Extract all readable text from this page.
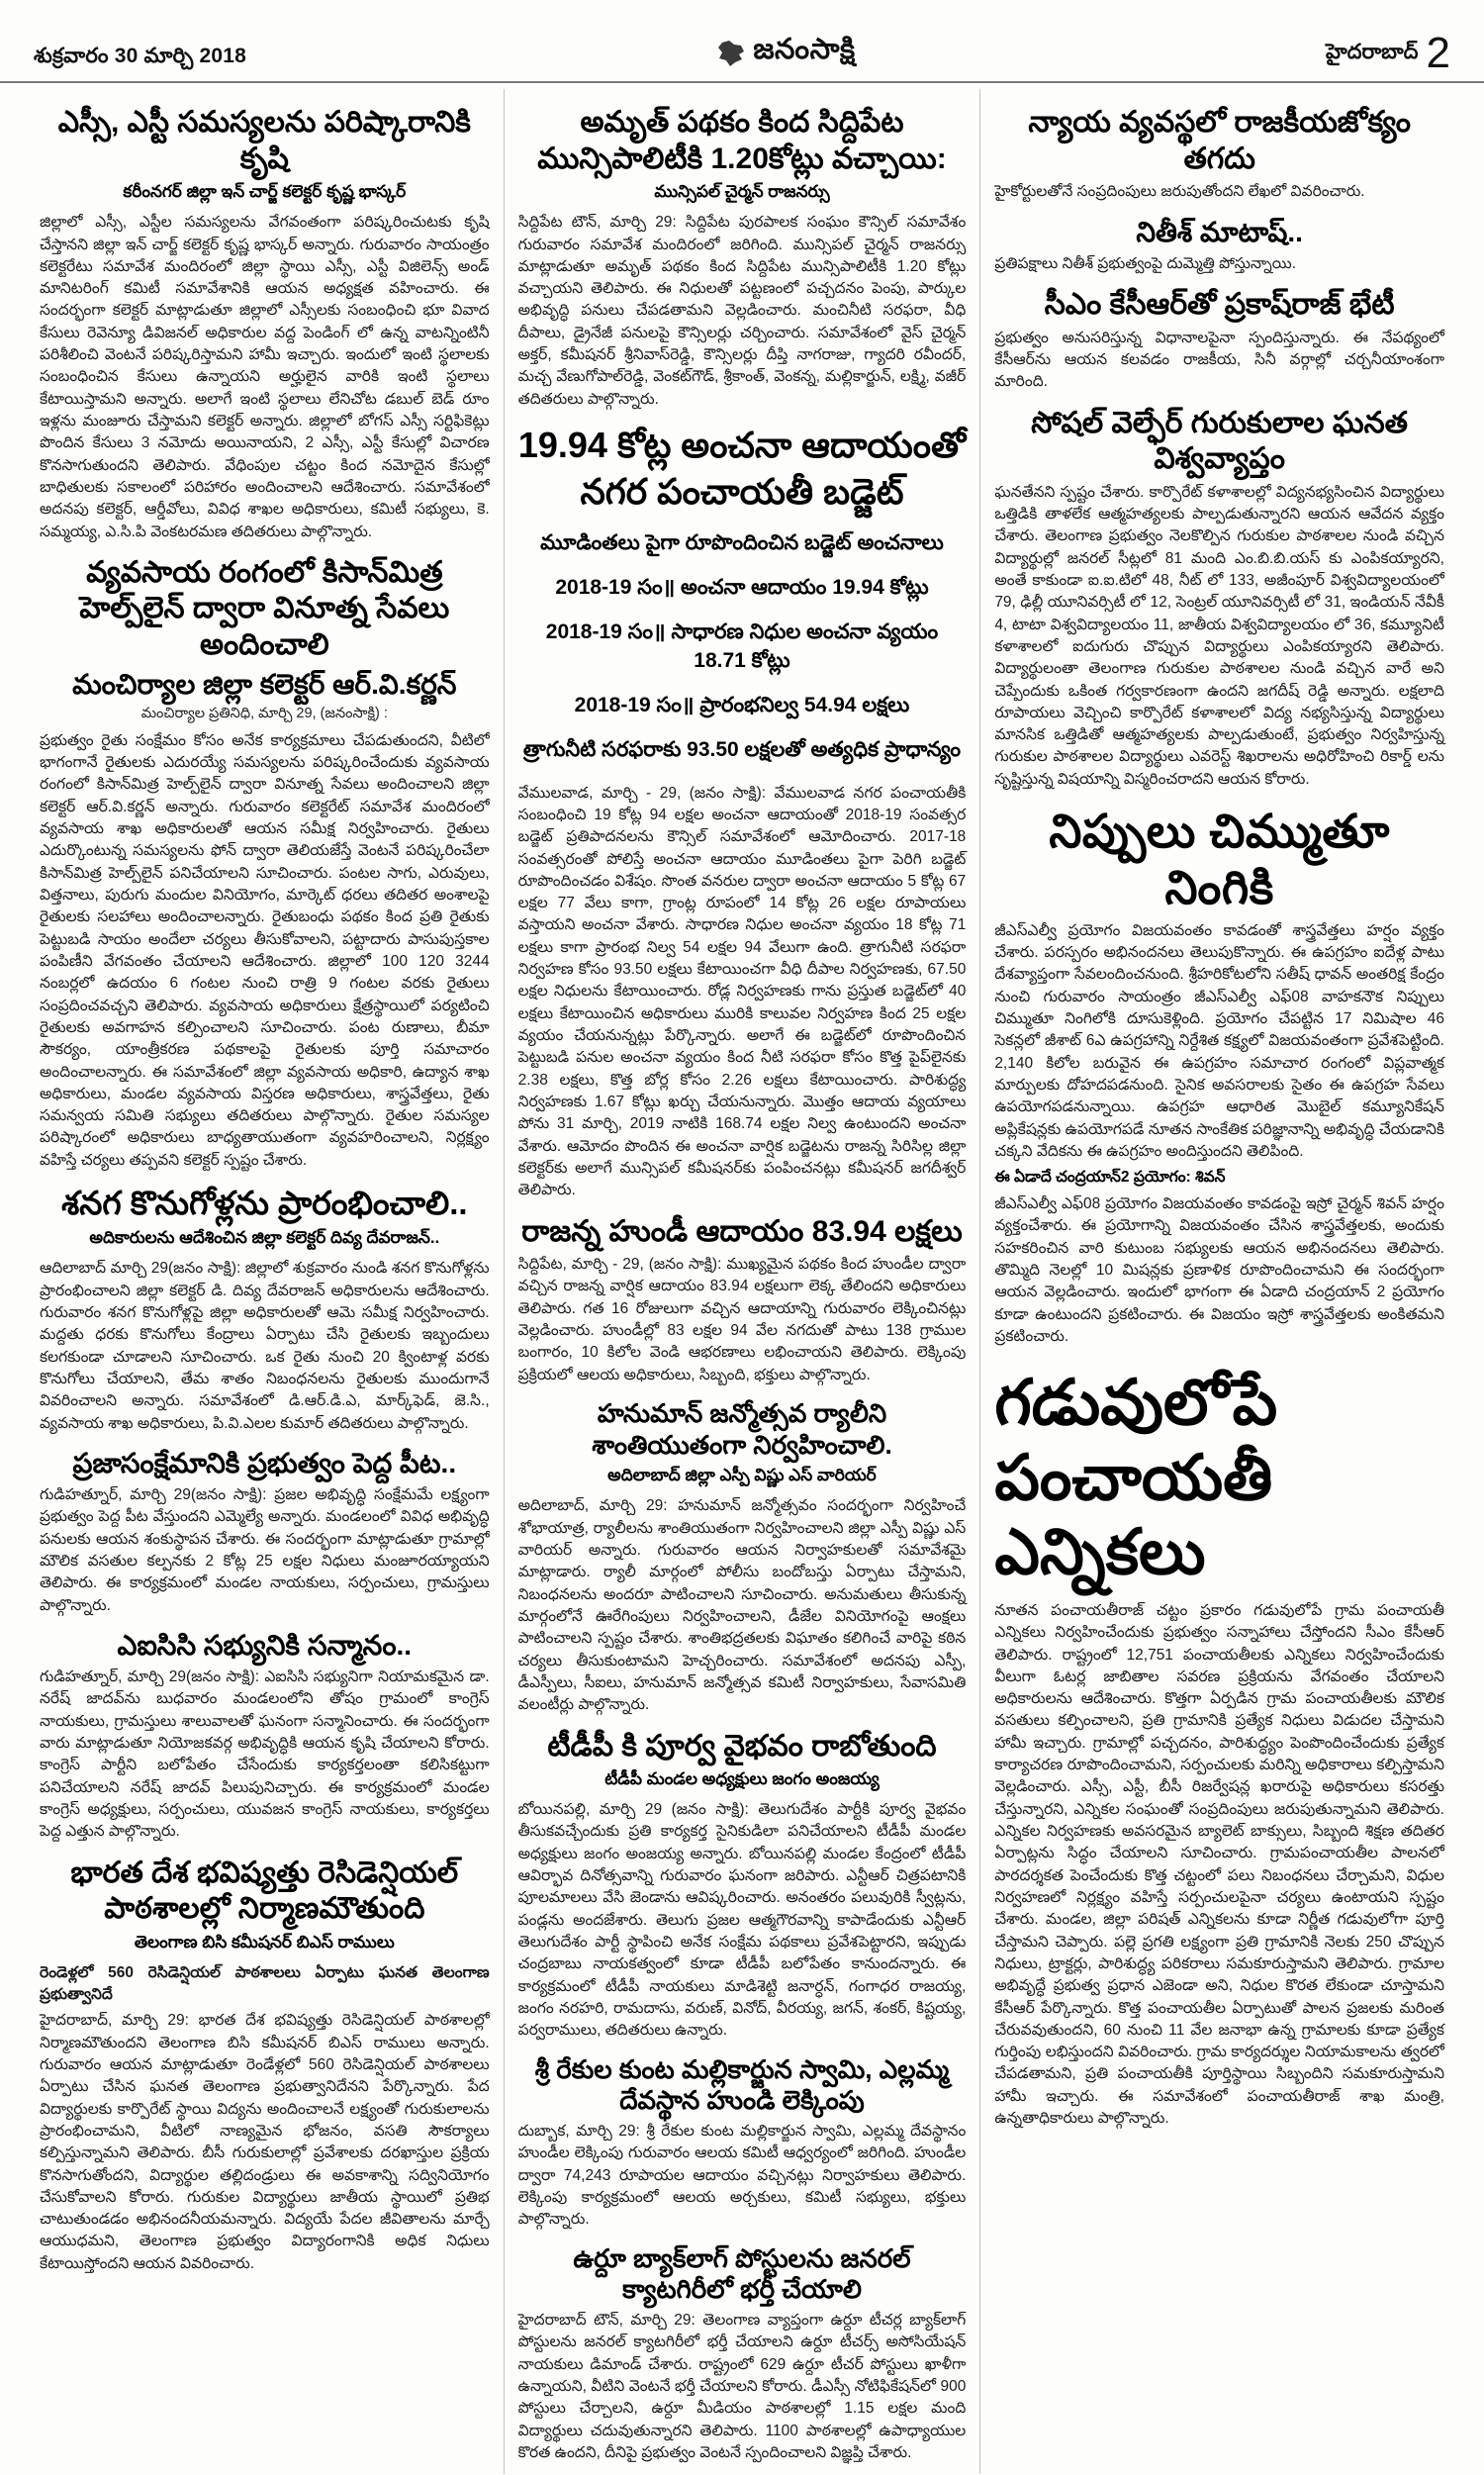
శుక్రవారం 30 మార్చి 2018	జనంసాక్షి	హైదరాబాద్ 2
ఎస్సీ, ఎస్టీ సమస్యలను పరిష్కారానికి కృషి
కరీంనగర్ జిల్లా ఇన్ చార్జ్ కలెక్టర్ కృష్ణ భాస్కర్

జిల్లాలో ఎస్సీ, ఎస్టీల సమస్యలను వేగవంతంగా పరిష్కరించుటకు కృషి చేస్తానని జిల్లా ఇన్ చార్జ్ కలెక్టర్ కృష్ణ భాస్కర్ అన్నారు. గురువారం సాయంత్రం కలెక్టరేటు సమావేశ మందిరంలో జిల్లా స్థాయి ఎస్సీ, ఎస్టీ విజిలెన్స్ అండ్ మానిటరింగ్ కమిటీ సమావేశానికి ఆయన అధ్యక్షత వహించారు. ఈ సందర్భంగా కలెక్టర్ మాట్లాడుతూ జిల్లాలో ఎస్సీలకు సంబంధించి భూ వివాద కేసులు రెవెన్యూ డివిజనల్ అధికారుల వద్ద పెండింగ్ లో ఉన్న వాటన్నింటినీ పరిశీలించి వెంటనే పరిష్కరిస్తామని హామీ ఇచ్చారు. ఇందులో ఇంటి స్థలాలకు సంబంధించిన కేసులు ఉన్నాయని అర్హులైన వారికి ఇంటి స్థలాలు కేటాయిస్తామని అన్నారు. అలాగే ఇంటి స్థలాలు లేనిచోట డబుల్ బెడ్ రూం ఇళ్లను మంజూరు చేస్తామని కలెక్టర్ అన్నారు. జిల్లాలో బోగస్ ఎస్సీ సర్టిఫికెట్లు పొందిన కేసులు 3 నమోదు అయినాయని, 2 ఎస్సీ, ఎస్టీ కేసుల్లో విచారణ కొనసాగుతుందని తెలిపారు. వేధింపుల చట్టం కింద నమోదైన కేసుల్లో బాధితులకు సకాలంలో పరిహారం అందించాలని ఆదేశించారు. సమావేశంలో అదనపు కలెక్టర్, ఆర్డీవోలు, వివిధ శాఖల అధికారులు, కమిటీ సభ్యులు, కె. సమ్మయ్య, ఎ.సి.పి వెంకటరమణ తదితరులు పాల్గొన్నారు.

వ్యవసాయ రంగంలో కిసాన్‌మిత్ర హెల్ప్‌లైన్ ద్వారా వినూత్న సేవలు అందించాలి
మంచిర్యాల జిల్లా కలెక్టర్ ఆర్.వి.కర్ణన్
మంచిర్యాల ప్రతినిధి, మార్చి 29, (జనంసాక్షి) :

ప్రభుత్వం రైతు సంక్షేమం కోసం అనేక కార్యక్రమాలు చేపడుతుందని, వీటిలో భాగంగానే రైతులకు ఎదురయ్యే సమస్యలను పరిష్కరించేందుకు వ్యవసాయ రంగంలో కిసాన్‌మిత్ర హెల్ప్‌లైన్ ద్వారా వినూత్న సేవలు అందించాలని జిల్లా కలెక్టర్ ఆర్.వి.కర్ణన్ అన్నారు. గురువారం కలెక్టరేట్ సమావేశ మందిరంలో వ్యవసాయ శాఖ అధికారులతో ఆయన సమీక్ష నిర్వహించారు. రైతులు ఎదుర్కొంటున్న సమస్యలను ఫోన్ ద్వారా తెలియజేస్తే వెంటనే పరిష్కరించేలా కిసాన్‌మిత్ర హెల్ప్‌లైన్ పనిచేయాలని సూచించారు. పంటల సాగు, ఎరువులు, విత్తనాలు, పురుగు మందుల వినియోగం, మార్కెట్ ధరలు తదితర అంశాలపై రైతులకు సలహాలు అందించాలన్నారు. రైతుబంధు పథకం కింద ప్రతి రైతుకు పెట్టుబడి సాయం అందేలా చర్యలు తీసుకోవాలని, పట్టాదారు పాసుపుస్తకాల పంపిణీని వేగవంతం చేయాలని ఆదేశించారు. జిల్లాలో 100 120 3244 నంబర్లలో ఉదయం 6 గంటల నుంచి రాత్రి 9 గంటల వరకు రైతులు సంప్రదించవచ్చని తెలిపారు. వ్యవసాయ అధికారులు క్షేత్రస్థాయిలో పర్యటించి రైతులకు అవగాహన కల్పించాలని సూచించారు. పంట రుణాలు, బీమా సౌకర్యం, యాంత్రీకరణ పథకాలపై రైతులకు పూర్తి సమాచారం అందించాలన్నారు. ఈ సమావేశంలో జిల్లా వ్యవసాయ అధికారి, ఉద్యాన శాఖ అధికారులు, మండల వ్యవసాయ విస్తరణ అధికారులు, శాస్త్రవేత్తలు, రైతు సమన్వయ సమితి సభ్యులు తదితరులు పాల్గొన్నారు. రైతుల సమస్యల పరిష్కారంలో అధికారులు బాధ్యతాయుతంగా వ్యవహరించాలని, నిర్లక్ష్యం వహిస్తే చర్యలు తప్పవని కలెక్టర్ స్పష్టం చేశారు.

శనగ కొనుగోళ్లను ప్రారంభించాలి..
అదికారులను ఆదేశించిన జిల్లా కలెక్టర్ దివ్య దేవరాజన్..

ఆదిలాబాద్ మార్చి 29(జనం సాక్షి): జిల్లాలో శుక్రవారం నుండి శనగ కొనుగోళ్లను ప్రారంభించాలని జిల్లా కలెక్టర్ డి. దివ్య దేవరాజన్ అధికారులను ఆదేశించారు. గురువారం శనగ కొనుగోళ్లపై జిల్లా అధికారులతో ఆమె సమీక్ష నిర్వహించారు. మద్దతు ధరకు కొనుగోలు కేంద్రాలు ఏర్పాటు చేసి రైతులకు ఇబ్బందులు కలగకుండా చూడాలని సూచించారు. ఒక రైతు నుంచి 20 క్వింటాళ్ల వరకు కొనుగోలు చేయాలని, తేమ శాతం నిబంధనలను రైతులకు ముందుగానే వివరించాలని అన్నారు. సమావేశంలో డి.ఆర్.డి.ఎ, మార్క్‌ఫెడ్, జె.సి., వ్యవసాయ శాఖ అధికారులు, పి.వి.ఎలల కుమార్ తదితరులు పాల్గొన్నారు.

ప్రజాసంక్షేమానికి ప్రభుత్వం పెద్ద పీట..

గుడిహత్నూర్, మార్చి 29(జనం సాక్షి): ప్రజల అభివృద్ధి సంక్షేమమే లక్ష్యంగా ప్రభుత్వం పెద్ద పీట వేస్తుందని ఎమ్మెల్యే అన్నారు. మండలంలో వివిధ అభివృద్ధి పనులకు ఆయన శంకుస్థాపన చేశారు. ఈ సందర్భంగా మాట్లాడుతూ గ్రామాల్లో మౌలిక వసతుల కల్పనకు 2 కోట్ల 25 లక్షల నిధులు మంజూరయ్యాయని తెలిపారు. ఈ కార్యక్రమంలో మండల నాయకులు, సర్పంచులు, గ్రామస్తులు పాల్గొన్నారు.

ఎఐసిసి సభ్యునికి సన్మానం..

గుడిహత్నూర్, మార్చి 29(జనం సాక్షి): ఎఐసిసి సభ్యునిగా నియామకమైన డా. నరేష్ జాదవ్‌ను బుధవారం మండలంలోని తోషం గ్రామంలో కాంగ్రెస్ నాయకులు, గ్రామస్తులు శాలువాలతో ఘనంగా సన్మానించారు. ఈ సందర్భంగా వారు మాట్లాడుతూ నియోజకవర్గ అభివృద్ధికి ఆయన కృషి చేయాలని కోరారు. కాంగ్రెస్ పార్టీని బలోపేతం చేసేందుకు కార్యకర్తలంతా కలిసికట్టుగా పనిచేయాలని నరేష్ జాదవ్ పిలుపునిచ్చారు. ఈ కార్యక్రమంలో మండల కాంగ్రెస్ అధ్యక్షులు, సర్పంచులు, యువజన కాంగ్రెస్ నాయకులు, కార్యకర్తలు పెద్ద ఎత్తున పాల్గొన్నారు.

భారత దేశ భవిష్యత్తు రెసిడెన్షియల్ పాఠశాలల్లో నిర్మాణమౌతుంది
తెలంగాణ బిసి కమీషనర్ బిఎస్ రాములు

రెండెళ్లలో 560 రెసిడెన్షియల్ పాఠశాలలు ఏర్పాటు ఘనత తెలంగాణ ప్రభుత్వానిదే

హైదరాబాద్, మార్చి 29: భారత దేశ భవిష్యత్తు రెసిడెన్షియల్ పాఠశాలల్లో నిర్మాణమౌతుందని తెలంగాణ బిసి కమీషనర్ బిఎస్ రాములు అన్నారు. గురువారం ఆయన మాట్లాడుతూ రెండేళ్లలో 560 రెసిడెన్షియల్ పాఠశాలలు ఏర్పాటు చేసిన ఘనత తెలంగాణ ప్రభుత్వానిదేనని పేర్కొన్నారు. పేద విద్యార్థులకు కార్పొరేట్ స్థాయి విద్యను అందించాలనే లక్ష్యంతో గురుకులాలను ప్రారంభించామని, వీటిలో నాణ్యమైన భోజనం, వసతి సౌకర్యాలు కల్పిస్తున్నామని తెలిపారు. బీసీ గురుకులాల్లో ప్రవేశాలకు దరఖాస్తుల ప్రక్రియ కొనసాగుతోందని, విద్యార్థుల తల్లిదండ్రులు ఈ అవకాశాన్ని సద్వినియోగం చేసుకోవాలని కోరారు. గురుకుల విద్యార్థులు జాతీయ స్థాయిలో ప్రతిభ చాటుతుండడం అభినందనీయమన్నారు. విద్యయే పేదల జీవితాలను మార్చే ఆయుధమని, తెలంగాణ ప్రభుత్వం విద్యారంగానికి అధిక నిధులు కేటాయిస్తోందని ఆయన వివరించారు.

అమృత్ పథకం కింద సిద్దిపేట మున్సిపాలిటీకి 1.20కోట్లు వచ్చాయి:
మున్సిపల్ చైర్మన్ రాజనర్సు

సిద్దిపేట టౌన్, మార్చి 29: సిద్దిపేట పురపాలక సంఘం కౌన్సిల్ సమావేశం గురువారం సమావేశ మందిరంలో జరిగింది. మున్సిపల్ చైర్మన్ రాజనర్సు మాట్లాడుతూ అమృత్ పథకం కింద సిద్దిపేట మున్సిపాలిటీకి 1.20 కోట్లు వచ్చాయని తెలిపారు. ఈ నిధులతో పట్టణంలో పచ్చదనం పెంపు, పార్కుల అభివృద్ధి పనులు చేపడతామని వెల్లడించారు. మంచినీటి సరఫరా, వీధి దీపాలు, డ్రైనేజీ పనులపై కౌన్సిలర్లు చర్చించారు. సమావేశంలో వైస్ చైర్మన్ అక్తర్, కమీషనర్ శ్రీనివాస్‌రెడ్డి, కౌన్సిలర్లు దీప్తి నాగరాజు, గ్యాదరి రవీందర్, మచ్చ వేణుగోపాల్‌రెడ్డి, వెంకట్‌గౌడ్, శ్రీకాంత్, వెంకన్న, మల్లికార్జున్, లక్ష్మి, వజీర్ తదితరులు పాల్గొన్నారు.

19.94 కోట్ల అంచనా ఆదాయంతో నగర పంచాయతీ బడ్జెట్
మూడింతలు పైగా రూపొందించిన బడ్జెట్ అంచనాలు
2018-19 సం॥ అంచనా ఆదాయం 19.94 కోట్లు
2018-19 సం॥ సాధారణ నిధుల అంచనా వ్యయం 18.71 కోట్లు
2018-19 సం॥ ప్రారంభనిల్వ 54.94 లక్షలు
త్రాగునీటి సరఫరాకు 93.50 లక్షలతో అత్యధిక ప్రాధాన్యం

వేములవాడ, మార్చి - 29, (జనం సాక్షి): వేములవాడ నగర పంచాయతీకి సంబంధించి 19 కోట్ల 94 లక్షల అంచనా ఆదాయంతో 2018-19 సంవత్సర బడ్జెట్ ప్రతిపాదనలను కౌన్సిల్ సమావేశంలో ఆమోదించారు. 2017-18 సంవత్సరంతో పోలిస్తే అంచనా ఆదాయం మూడింతలు పైగా పెరిగి బడ్జెట్ రూపొందించడం విశేషం. సొంత వనరుల ద్వారా అంచనా ఆదాయం 5 కోట్ల 67 లక్షల 77 వేలు కాగా, గ్రాంట్ల రూపంలో 14 కోట్ల 26 లక్షల రూపాయలు వస్తాయని అంచనా వేశారు. సాధారణ నిధుల అంచనా వ్యయం 18 కోట్ల 71 లక్షలు కాగా ప్రారంభ నిల్వ 54 లక్షల 94 వేలుగా ఉంది. త్రాగునీటి సరఫరా నిర్వహణ కోసం 93.50 లక్షలు కేటాయించగా వీధి దీపాల నిర్వహణకు, 67.50 లక్షల నిధులను కేటాయించారు. రోడ్ల నిర్వహణకు గాను ప్రస్తుత బడ్జెట్‌లో 40 లక్షలు కేటాయించిన అధికారులు మురికి కాలువల నిర్వహణ కింద 25 లక్షల వ్యయం చేయనున్నట్లు పేర్కొన్నారు. అలాగే ఈ బడ్జెట్‌లో రూపొందించిన పెట్టుబడి పనుల అంచనా వ్యయం కింద నీటి సరఫరా కోసం కొత్త పైప్‌లైనకు 2.38 లక్షలు, కొత్త బోర్ల కోసం 2.26 లక్షలు కేటాయించారు. పారిశుద్ధ్య నిర్వహణకు 1.67 కోట్లు ఖర్చు చేయనున్నారు. మొత్తం ఆదాయ వ్యయాలు పోను 31 మార్చి, 2019 నాటికి 168.74 లక్షల నిల్వ ఉంటుందని అంచనా వేశారు. ఆమోదం పొందిన ఈ అంచనా వార్షిక బడ్జెటను రాజన్న సిరిసిల్ల జిల్లా కలెక్టర్‌కు అలాగే మున్సిపల్ కమీషనర్‌కు పంపించనట్లు కమీషనర్ జగదీశ్వర్ తెలిపారు.

రాజన్న హుండీ ఆదాయం 83.94 లక్షలు

సిద్దిపేట, మార్చి - 29, (జనం సాక్షి): ముఖ్యమైన పథకం కింద హుండీల ద్వారా వచ్చిన రాజన్న వార్షిక ఆదాయం 83.94 లక్షలుగా లెక్క తేలిందని అధికారులు తెలిపారు. గత 16 రోజులుగా వచ్చిన ఆదాయాన్ని గురువారం లెక్కించినట్లు వెల్లడించారు. హుండీల్లో 83 లక్షల 94 వేల నగదుతో పాటు 138 గ్రాముల బంగారం, 10 కిలోల వెండి ఆభరణాలు లభించాయని తెలిపారు. లెక్కింపు ప్రక్రియలో ఆలయ అధికారులు, సిబ్బంది, భక్తులు పాల్గొన్నారు.

హనుమాన్ జన్మోత్సవ ర్యాలీని శాంతియుతంగా నిర్వహించాలి.
అదిలాబాద్ జిల్లా ఎస్పీ విష్ణు ఎస్ వారియర్

అదిలాబాద్, మార్చి 29: హనుమాన్ జన్మోత్సవం సందర్భంగా నిర్వహించే శోభాయాత్ర, ర్యాలీలను శాంతియుతంగా నిర్వహించాలని జిల్లా ఎస్పీ విష్ణు ఎస్ వారియర్ అన్నారు. గురువారం ఆయన నిర్వాహకులతో సమావేశమై మాట్లాడారు. ర్యాలీ మార్గంలో పోలీసు బందోబస్తు ఏర్పాటు చేస్తామని, నిబంధనలను అందరూ పాటించాలని సూచించారు. అనుమతులు తీసుకున్న మార్గంలోనే ఊరేగింపులు నిర్వహించాలని, డీజేల వినియోగంపై ఆంక్షలు పాటించాలని స్పష్టం చేశారు. శాంతిభద్రతలకు విఘాతం కలిగించే వారిపై కఠిన చర్యలు తీసుకుంటామని హెచ్చరించారు. సమావేశంలో అదనపు ఎస్పీ, డీఎస్పీలు, సీఐలు, హనుమాన్ జన్మోత్సవ కమిటీ నిర్వాహకులు, సేవాసమితి వలంటీర్లు పాల్గొన్నారు.

టీడీపీ కి పూర్వ వైభవం రాబోతుంది
టీడీపీ మండల అధ్యక్షులు జంగం అంజయ్య

బోయినపల్లి, మార్చి 29 (జనం సాక్షి): తెలుగుదేశం పార్టీకి పూర్వ వైభవం తీసుకవచ్చేందుకు ప్రతి కార్యకర్త సైనికుడిలా పనిచేయాలని టీడీపీ మండల అధ్యక్షులు జంగం అంజయ్య అన్నారు. బోయినపల్లి మండల కేంద్రంలో టీడీపీ ఆవిర్భావ దినోత్సవాన్ని గురువారం ఘనంగా జరిపారు. ఎన్టీఆర్ చిత్రపటానికి పూలమాలలు వేసి జెండాను ఆవిష్కరించారు. అనంతరం పలువురికి స్వీట్లను, పండ్లను అందజేశారు. తెలుగు ప్రజల ఆత్మగౌరవాన్ని కాపాడేందుకు ఎన్టీఆర్ తెలుగుదేశం పార్టీ స్థాపించి అనేక సంక్షేమ పథకాలు ప్రవేశపెట్టారని, ఇప్పుడు చంద్రబాబు నాయకత్వంలో కూడా టీడీపీ బలోపేతం కానుందన్నారు. ఈ కార్యక్రమంలో టీడీపీ నాయకులు మాడిశెట్టి జనార్ధన్, గంగాధర రాజయ్య, జంగం నరహరి, రామదాసు, వరుణ్, వినోద్, వీరయ్య, జగన్, శంకర్, కిష్టయ్య, పర్వరాములు, తదితరులు ఉన్నారు.

శ్రీ రేకుల కుంట మల్లికార్జున స్వామి, ఎల్లమ్మ దేవస్థాన హుండి లెక్కింపు

దుబ్బాక, మార్చి 29: శ్రీ రేకుల కుంట మల్లికార్జున స్వామి, ఎల్లమ్మ దేవస్థానం హుండీల లెక్కింపు గురువారం ఆలయ కమిటీ ఆధ్వర్యంలో జరిగింది. హుండీల ద్వారా 74,243 రూపాయల ఆదాయం వచ్చినట్లు నిర్వాహకులు తెలిపారు. లెక్కింపు కార్యక్రమంలో ఆలయ అర్చకులు, కమిటీ సభ్యులు, భక్తులు పాల్గొన్నారు.

ఉర్దూ బ్యాక్‌లాగ్ పోస్టులను జనరల్ క్యాటగిరీలో భర్తీ చేయాలి

హైదరాబాద్ టౌన్, మార్చి 29: తెలంగాణ వ్యాప్తంగా ఉర్దూ టీచర్ల బ్యాక్‌లాగ్ పోస్టులను జనరల్ క్యాటగిరీలో భర్తీ చేయాలని ఉర్దూ టీచర్స్ అసోసియేషన్ నాయకులు డిమాండ్ చేశారు. రాష్ట్రంలో 629 ఉర్దూ టీచర్ పోస్టులు ఖాళీగా ఉన్నాయని, వీటిని వెంటనే భర్తీ చేయాలని కోరారు. డీఎస్సీ నోటిఫికేషన్‌లో 900 పోస్టులు చేర్చాలని, ఉర్దూ మీడియం పాఠశాలల్లో 1.15 లక్షల మంది విద్యార్థులు చదువుతున్నారని తెలిపారు. 1100 పాఠశాలల్లో ఉపాధ్యాయుల కొరత ఉందని, దీనిపై ప్రభుత్వం వెంటనే స్పందించాలని విజ్ఞప్తి చేశారు.

న్యాయ వ్యవస్థలో రాజకీయజోక్యం తగదు

హైకోర్టులతోనే సంప్రదింపులు జరుపుతోందని లేఖలో వివరించారు.

నితీశ్ మాటాష్..

ప్రతిపక్షాలు నితీశ్ ప్రభుత్వంపై దుమ్మెత్తి పోస్తున్నాయి.

సీఎం కేసీఆర్‌తో ప్రకాష్‌రాజ్ భేటీ

ప్రభుత్వం అనుసరిస్తున్న విధానాలపైనా స్పందిస్తున్నారు. ఈ నేపథ్యంలో కేసీఆర్‌ను ఆయన కలవడం రాజకీయ, సినీ వర్గాల్లో చర్చనీయాంశంగా మారింది.

సోషల్ వెల్ఫేర్ గురుకులాల ఘనత విశ్వవ్యాప్తం

ఘనతేనని స్పష్టం చేశారు. కార్పొరేట్ కళాశాలల్లో విద్యనభ్యసించిన విద్యార్థులు ఒత్తిడికి తాళలేక ఆత్మహత్యలకు పాల్పడుతున్నారని ఆయన ఆవేదన వ్యక్తం చేశారు. తెలంగాణ ప్రభుత్వం నెలకొల్పిన గురుకుల పాఠశాలల నుండి వచ్చిన విద్యార్థుల్లో జనరల్ సీట్లలో 81 మంది ఎం.బి.బి.యస్ కు ఎంపికయ్యారని, అంతే కాకుండా ఐ.ఐ.టిలో 48, నీట్ లో 133, అజీంపూర్ విశ్వవిద్యాలయంలో 79, ఢిల్లీ యూనివర్సిటీ లో 12, సెంట్రల్ యూనివర్సిటీ లో 31, ఇండియన్ నేవీకీ 4, టాటా విశ్వవిద్యాలయం 11, జాతీయ విశ్వవిద్యాలయం లో 36, కమ్యూనిటీ కళాశాలలో ఐదుగురు చొప్పున విద్యార్థులు ఎంపికయ్యారని తెలిపారు. విద్యార్థులంతా తెలంగాణ గురుకుల పాఠశాలల నుండి వచ్చిన వారే అని చెప్పేందుకు ఒకింత గర్వకారణంగా ఉందని జగదీష్ రెడ్డి అన్నారు. లక్షలాది రూపాయలు వెచ్చించి కార్పొరేట్ కళాశాలలో విద్య నభ్యసిస్తున్న విద్యార్థులు మానసిక ఒత్తిడితో ఆత్మహత్యలకు పాల్పడుతుంటే, ప్రభుత్వం నిర్వహిస్తున్న గురుకుల పాఠశాలల విద్యార్థులు ఎవరెస్ట్ శిఖరాలను అధిరోహించి రికార్డ్ లను సృష్టిస్తున్న విషయాన్ని విస్మరించరాదని ఆయన కోరారు.

నిప్పులు చిమ్ముతూ నింగికి

జీఎస్ఎల్వీ ప్రయోగం విజయవంతం కావడంతో శాస్త్రవేత్తలు హర్షం వ్యక్తం చేశారు. పరస్పరం అభినందనలు తెలుపుకొన్నారు. ఈ ఉపగ్రహం ఐదేళ్ల పాటు దేశవ్యాప్తంగా సేవలందించనుంది. శ్రీహరికోటలోని సతీష్ ధావన్ అంతరిక్ష కేంద్రం నుంచి గురువారం సాయంత్రం జీఎస్ఎల్వీ ఎఫ్08 వాహకనౌక నిప్పులు చిమ్ముతూ నింగిలోకి దూసుకెళ్లింది. ప్రయోగం చేపట్టిన 17 నిమిషాల 46 సెకన్లలో జీశాట్ 6ఎ ఉపగ్రహాన్ని నిర్దేశిత కక్ష్యలో విజయవంతంగా ప్రవేశపెట్టింది. 2,140 కిలోల బరువైన ఈ ఉపగ్రహం సమాచార రంగంలో విప్లవాత్మక మార్పులకు దోహదపడనుంది. సైనిక అవసరాలకు సైతం ఈ ఉపగ్రహ సేవలు ఉపయోగపడనున్నాయి. ఉపగ్రహ ఆధారిత మొబైల్ కమ్యూనికేషన్ అప్లికేషన్లకు ఉపయోగపడే నూతన సాంకేతిక పరిజ్ఞానాన్ని అభివృద్ధి చేయడానికి చక్కని వేదికను ఈ ఉపగ్రహం అందిస్తుందని తెలిపింది.

ఈ ఏడాదే చంద్రయాన్2 ప్రయోగం: శివన్

జీఎస్ఎల్వీ ఎఫ్08 ప్రయోగం విజయవంతం కావడంపై ఇస్రో చైర్మన్ శివన్ హర్షం వ్యక్తంచేశారు. ఈ ప్రయోగాన్ని విజయవంతం చేసిన శాస్త్రవేత్తలకు, అందుకు సహకరించిన వారి కుటుంబ సభ్యులకు ఆయన అభినందనలు తెలిపారు. తొమ్మిది నెలల్లో 10 మిషన్లకు ప్రణాళిక రూపొందించామని ఈ సందర్భంగా ఆయన వెల్లడించారు. ఇందులో భాగంగా ఈ ఏడాది చంద్రయాన్ 2 ప్రయోగం కూడా ఉంటుందని ప్రకటించారు. ఈ విజయం ఇస్రో శాస్త్రవేత్తలకు అంకితమని ప్రకటించారు.

గడువులోపే పంచాయతీ ఎన్నికలు

నూతన పంచాయతీరాజ్ చట్టం ప్రకారం గడువులోపే గ్రామ పంచాయతీ ఎన్నికలు నిర్వహించేందుకు ప్రభుత్వం సన్నాహాలు చేస్తోందని సీఎం కేసీఆర్ తెలిపారు. రాష్ట్రంలో 12,751 పంచాయతీలకు ఎన్నికలు నిర్వహించేందుకు వీలుగా ఓటర్ల జాబితాల సవరణ ప్రక్రియను వేగవంతం చేయాలని అధికారులను ఆదేశించారు. కొత్తగా ఏర్పడిన గ్రామ పంచాయతీలకు మౌలిక వసతులు కల్పించాలని, ప్రతి గ్రామానికి ప్రత్యేక నిధులు విడుదల చేస్తామని హామీ ఇచ్చారు. గ్రామాల్లో పచ్చదనం, పారిశుద్ధ్యం పెంపొందించేందుకు ప్రత్యేక కార్యాచరణ రూపొందించామని, సర్పంచులకు మరిన్ని అధికారాలు కల్పిస్తామని వెల్లడించారు. ఎస్సీ, ఎస్టీ, బీసీ రిజర్వేషన్ల ఖరారుపై అధికారులు కసరత్తు చేస్తున్నారని, ఎన్నికల సంఘంతో సంప్రదింపులు జరుపుతున్నామని తెలిపారు. ఎన్నికల నిర్వహణకు అవసరమైన బ్యాలెట్ బాక్సులు, సిబ్బంది శిక్షణ తదితర ఏర్పాట్లను సిద్ధం చేయాలని సూచించారు. గ్రామపంచాయతీల పాలనలో పారదర్శకత పెంచేందుకు కొత్త చట్టంలో పలు నిబంధనలు చేర్చామని, విధుల నిర్వహణలో నిర్లక్ష్యం వహిస్తే సర్పంచులపైనా చర్యలు ఉంటాయని స్పష్టం చేశారు. మండల, జిల్లా పరిషత్ ఎన్నికలను కూడా నిర్ణీత గడువులోగా పూర్తి చేస్తామని చెప్పారు. పల్లె ప్రగతి లక్ష్యంగా ప్రతి గ్రామానికి నెలకు 250 చొప్పున నిధులు, ట్రాక్టర్లు, పారిశుద్ధ్య పరికరాలు సమకూరుస్తామని తెలిపారు. గ్రామాల అభివృద్ధే ప్రభుత్వ ప్రధాన ఎజెండా అని, నిధుల కొరత లేకుండా చూస్తామని కేసీఆర్ పేర్కొన్నారు. కొత్త పంచాయతీల ఏర్పాటుతో పాలన ప్రజలకు మరింత చేరువవుతుందని, 60 నుంచి 11 వేల జనాభా ఉన్న గ్రామాలకు కూడా ప్రత్యేక గుర్తింపు లభిస్తుందని వివరించారు. గ్రామ కార్యదర్శుల నియామకాలను త్వరలో చేపడతామని, ప్రతి పంచాయతీకి పూర్తిస్థాయి సిబ్బందిని సమకూరుస్తామని హామీ ఇచ్చారు. ఈ సమావేశంలో పంచాయతీరాజ్ శాఖ మంత్రి, ఉన్నతాధికారులు పాల్గొన్నారు.
